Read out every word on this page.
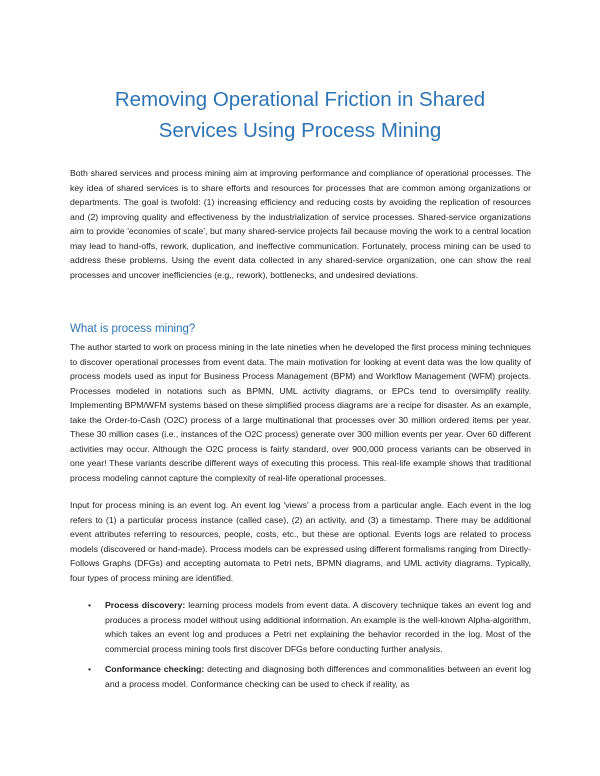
Removing Operational Friction in Shared
Services Using Process Mining

Both shared services and process mining aim at improving performance and compliance of operational processes. The key idea of shared services is to share efforts and resources for processes that are common among organizations or departments. The goal is twofold: (1) increasing efficiency and reducing costs by avoiding the replication of resources and (2) improving quality and effectiveness by the industrialization of service processes. Shared-service organizations aim to provide 'economies of scale', but many shared-service projects fail because moving the work to a central location may lead to hand-offs, rework, duplication, and ineffective communication. Fortunately, process mining can be used to address these problems. Using the event data collected in any shared-service organization, one can show the real processes and uncover inefficiencies (e.g., rework), bottlenecks, and undesired deviations.

What is process mining?

The author started to work on process mining in the late nineties when he developed the first process mining techniques to discover operational processes from event data. The main motivation for looking at event data was the low quality of process models used as input for Business Process Management (BPM) and Workflow Management (WFM) projects. Processes modeled in notations such as BPMN, UML activity diagrams, or EPCs tend to oversimplify reality. Implementing BPM/WFM systems based on these simplified process diagrams are a recipe for disaster. As an example, take the Order-to-Cash (O2C) process of a large multinational that processes over 30 million ordered items per year. These 30 million cases (i.e., instances of the O2C process) generate over 300 million events per year. Over 60 different activities may occur. Although the O2C process is fairly standard, over 900,000 process variants can be observed in one year! These variants describe different ways of executing this process. This real-life example shows that traditional process modeling cannot capture the complexity of real-life operational processes.

Input for process mining is an event log. An event log 'views' a process from a particular angle. Each event in the log refers to (1) a particular process instance (called case), (2) an activity, and (3) a timestamp. There may be additional event attributes referring to resources, people, costs, etc., but these are optional. Events logs are related to process models (discovered or hand-made). Process models can be expressed using different formalisms ranging from Directly-Follows Graphs (DFGs) and accepting automata to Petri nets, BPMN diagrams, and UML activity diagrams. Typically, four types of process mining are identified.

• Process discovery: learning process models from event data. A discovery technique takes an event log and produces a process model without using additional information. An example is the well-known Alpha-algorithm, which takes an event log and produces a Petri net explaining the behavior recorded in the log. Most of the commercial process mining tools first discover DFGs before conducting further analysis.
• Conformance checking: detecting and diagnosing both differences and commonalities between an event log and a process model. Conformance checking can be used to check if reality, as
